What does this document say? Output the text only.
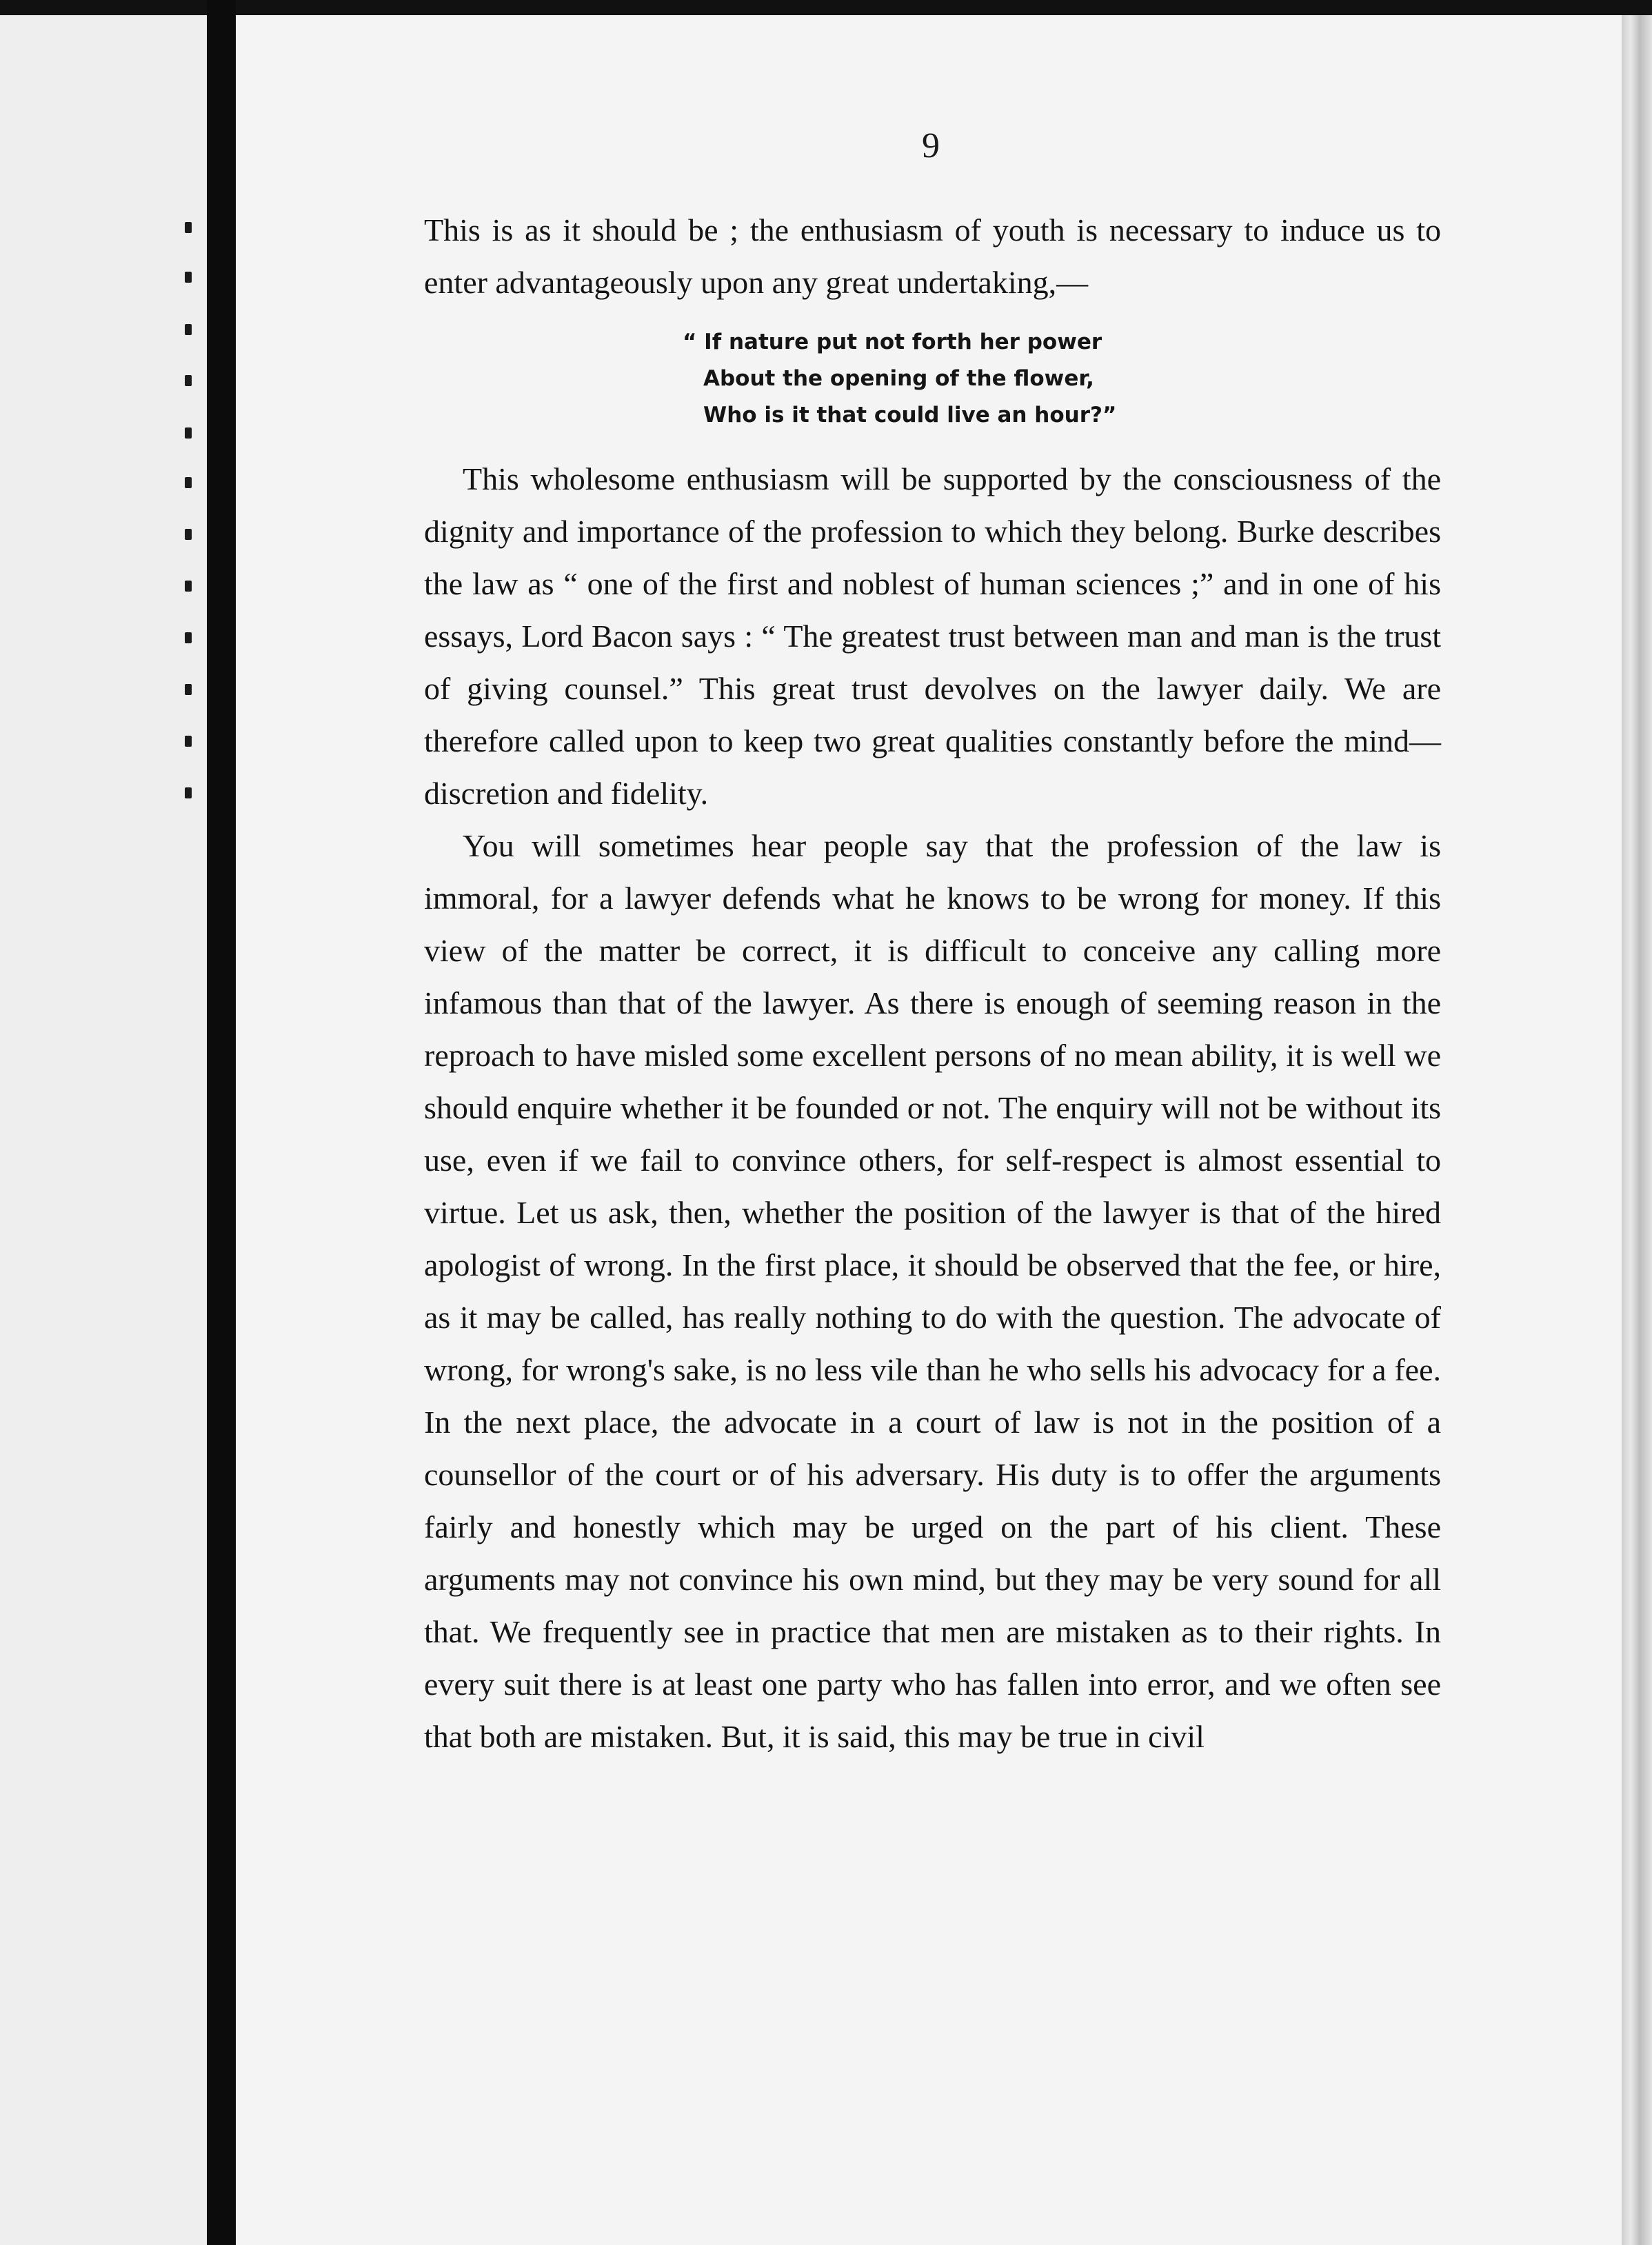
9

This is as it should be ; the enthusiasm of youth is necessary to induce us to enter advantageously upon any great undertaking,—

“ If nature put not forth her power
About the opening of the flower,
Who is it that could live an hour?”

This wholesome enthusiasm will be supported by the consciousness of the dignity and importance of the profession to which they belong. Burke describes the law as “ one of the first and noblest of human sciences ;” and in one of his essays, Lord Bacon says : “ The greatest trust between man and man is the trust of giving counsel.” This great trust devolves on the lawyer daily. We are therefore called upon to keep two great qualities constantly before the mind—discretion and fidelity.

You will sometimes hear people say that the profession of the law is immoral, for a lawyer defends what he knows to be wrong for money. If this view of the matter be correct, it is difficult to conceive any calling more infamous than that of the lawyer. As there is enough of seeming reason in the reproach to have misled some excellent persons of no mean ability, it is well we should enquire whether it be founded or not. The enquiry will not be without its use, even if we fail to convince others, for self-respect is almost essential to virtue. Let us ask, then, whether the position of the lawyer is that of the hired apologist of wrong. In the first place, it should be observed that the fee, or hire, as it may be called, has really nothing to do with the question. The advocate of wrong, for wrong's sake, is no less vile than he who sells his advocacy for a fee. In the next place, the advocate in a court of law is not in the position of a counsellor of the court or of his adversary. His duty is to offer the arguments fairly and honestly which may be urged on the part of his client. These arguments may not convince his own mind, but they may be very sound for all that. We frequently see in practice that men are mistaken as to their rights. In every suit there is at least one party who has fallen into error, and we often see that both are mistaken. But, it is said, this may be true in civil
